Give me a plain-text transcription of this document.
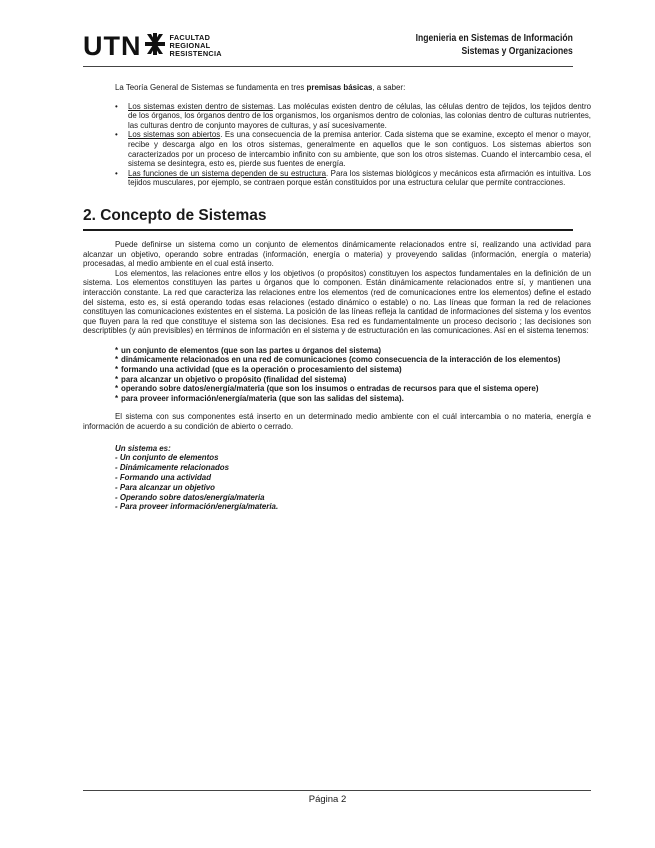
UTN	FACULTAD
REGIONAL
RESISTENCIA
Ingenieria en Sistemas de Información
Sistemas y Organizaciones

La Teoría General de Sistemas se fundamenta en tres premisas básicas, a saber:

• Los sistemas existen dentro de sistemas. Las moléculas existen dentro de células, las células dentro de tejidos, los tejidos dentro de los órganos, los órganos dentro de los organismos, los organismos dentro de colonias, las colonias dentro de culturas nutrientes, las culturas dentro de conjunto mayores de culturas, y así sucesivamente.
• Los sistemas son abiertos. Es una consecuencia de la premisa anterior. Cada sistema que se examine, excepto el menor o mayor, recibe y descarga algo en los otros sistemas, generalmente en aquellos que le son contiguos. Los sistemas abiertos son caracterizados por un proceso de intercambio infinito con su ambiente, que son los otros sistemas. Cuando el intercambio cesa, el sistema se desintegra, esto es, pierde sus fuentes de energía.
• Las funciones de un sistema dependen de su estructura. Para los sistemas biológicos y mecánicos esta afirmación es intuitiva. Los tejidos musculares, por ejemplo, se contraen porque están constituidos por una estructura celular que permite contracciones.
2. Concepto de Sistemas

Puede definirse un sistema como un conjunto de elementos dinámicamente relacionados entre sí, realizando una actividad para alcanzar un objetivo, operando sobre entradas (información, energía o materia) y proveyendo salidas (información, energía o materia) procesadas, al medio ambiente en el cual está inserto.

Los elementos, las relaciones entre ellos y los objetivos (o propósitos) constituyen los aspectos fundamentales en la definición de un sistema. Los elementos constituyen las partes u órganos que lo componen. Están dinámicamente relacionados entre sí, y mantienen una interacción constante. La red que caracteriza las relaciones entre los elementos (red de comunicaciones entre los elementos) define el estado del sistema, esto es, si está operando todas esas relaciones (estado dinámico o estable) o no. Las líneas que forman la red de relaciones constituyen las comunicaciones existentes en el sistema. La posición de las líneas refleja la cantidad de informaciones del sistema y los eventos que fluyen para la red que constituye el sistema son las decisiones. Esa red es fundamentalmente un proceso decisorio ; las decisiones son descriptibles (y aún previsibles) en términos de información en el sistema y de estructuración en las comunicaciones. Así en el sistema tenemos:

* un conjunto de elementos (que son las partes u órganos del sistema)
* dinámicamente relacionados en una red de comunicaciones (como consecuencia de la interacción de los elementos)
* formando una actividad (que es la operación o procesamiento del sistema)
* para alcanzar un objetivo o propósito (finalidad del sistema)
* operando sobre datos/energía/materia (que son los insumos o entradas de recursos para que el sistema opere)
* para proveer información/energía/materia (que son las salidas del sistema).

El sistema con sus componentes está inserto en un determinado medio ambiente con el cuál intercambia o no materia, energía e información de acuerdo a su condición de abierto o cerrado.

Un sistema es:
- Un conjunto de elementos
- Dinámicamente relacionados
- Formando una actividad
- Para alcanzar un objetivo
- Operando sobre datos/energía/materia
- Para proveer información/energía/materia.
Página 2
